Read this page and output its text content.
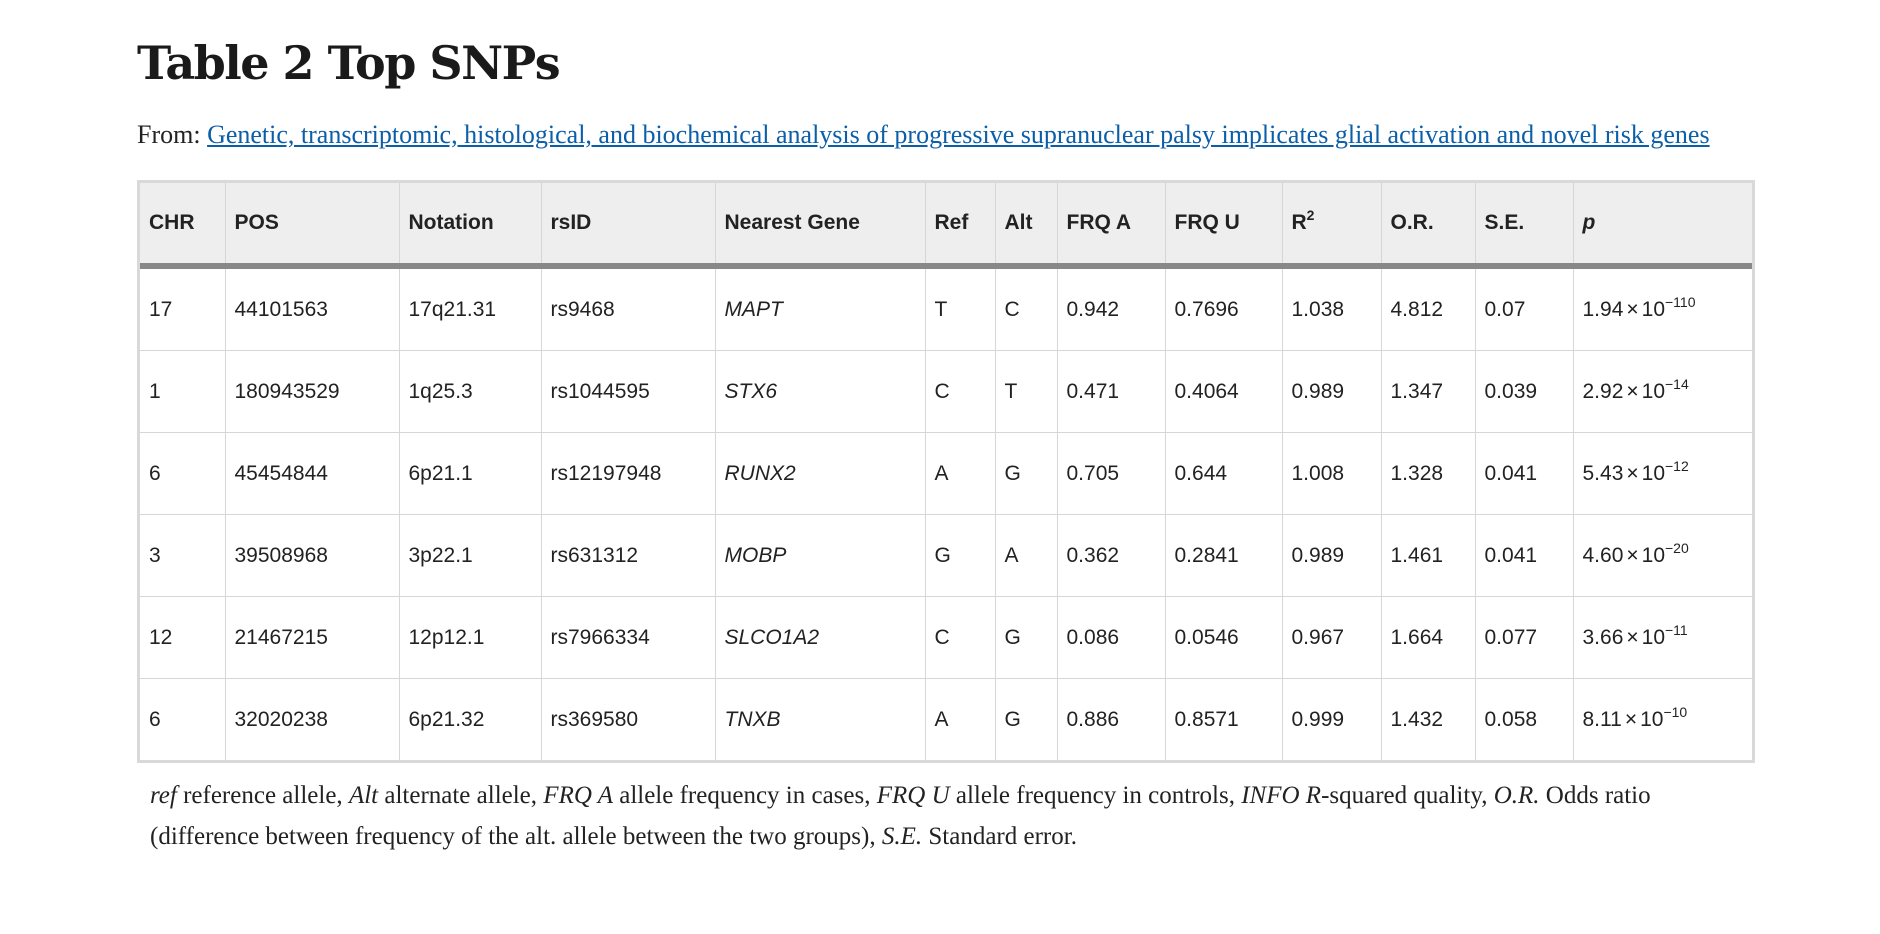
Table 2 Top SNPs
From: Genetic, transcriptomic, histological, and biochemical analysis of progressive supranuclear palsy implicates glial activation and novel risk genes
CHR	POS	Notation	rsID	Nearest Gene	Ref	Alt	FRQ A	FRQ U	$R^2$	O.R.	S.E.	p
17	44101563	17q21.31	rs9468	MAPT	T	C	0.942	0.7696	1.038	4.812	0.07	$1.94 \times 10^{-110}$
1	180943529	1q25.3	rs1044595	STX6	C	T	0.471	0.4064	0.989	1.347	0.039	$2.92 \times 10^{-14}$
6	45454844	6p21.1	rs12197948	RUNX2	A	G	0.705	0.644	1.008	1.328	0.041	$5.43 \times 10^{-12}$
3	39508968	3p22.1	rs631312	MOBP	G	A	0.362	0.2841	0.989	1.461	0.041	$4.60 \times 10^{-20}$
12	21467215	12p12.1	rs7966334	SLCO1A2	C	G	0.086	0.0546	0.967	1.664	0.077	$3.66 \times 10^{-11}$
6	32020238	6p21.32	rs369580	TNXB	A	G	0.886	0.8571	0.999	1.432	0.058	$8.11 \times 10^{-10}$
ref reference allele, Alt alternate allele, FRQ A allele frequency in cases, FRQ U allele frequency in controls, INFO R-squared quality, O.R. Odds ratio (difference between frequency of the alt. allele between the two groups), S.E. Standard error.
